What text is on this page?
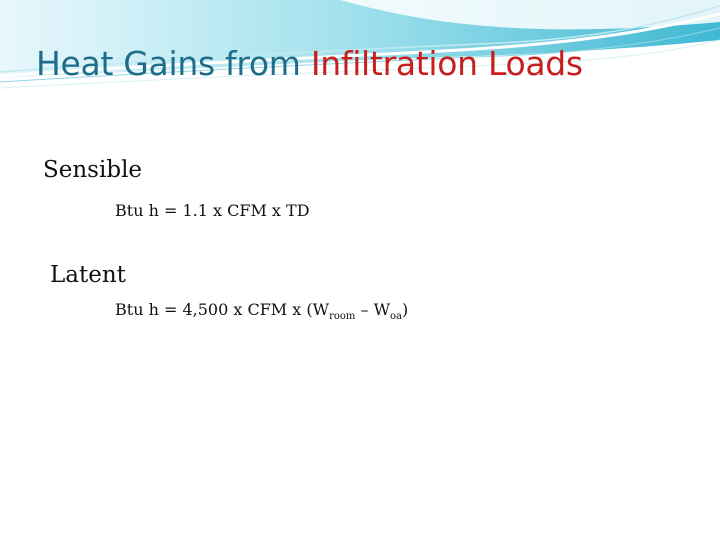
Heat Gains from Infiltration Loads
Sensible
Btu h = 1.1 x CFM x TD
Latent
Btu h = 4,500 x CFM x $(W_{room} - W_{oa})$
